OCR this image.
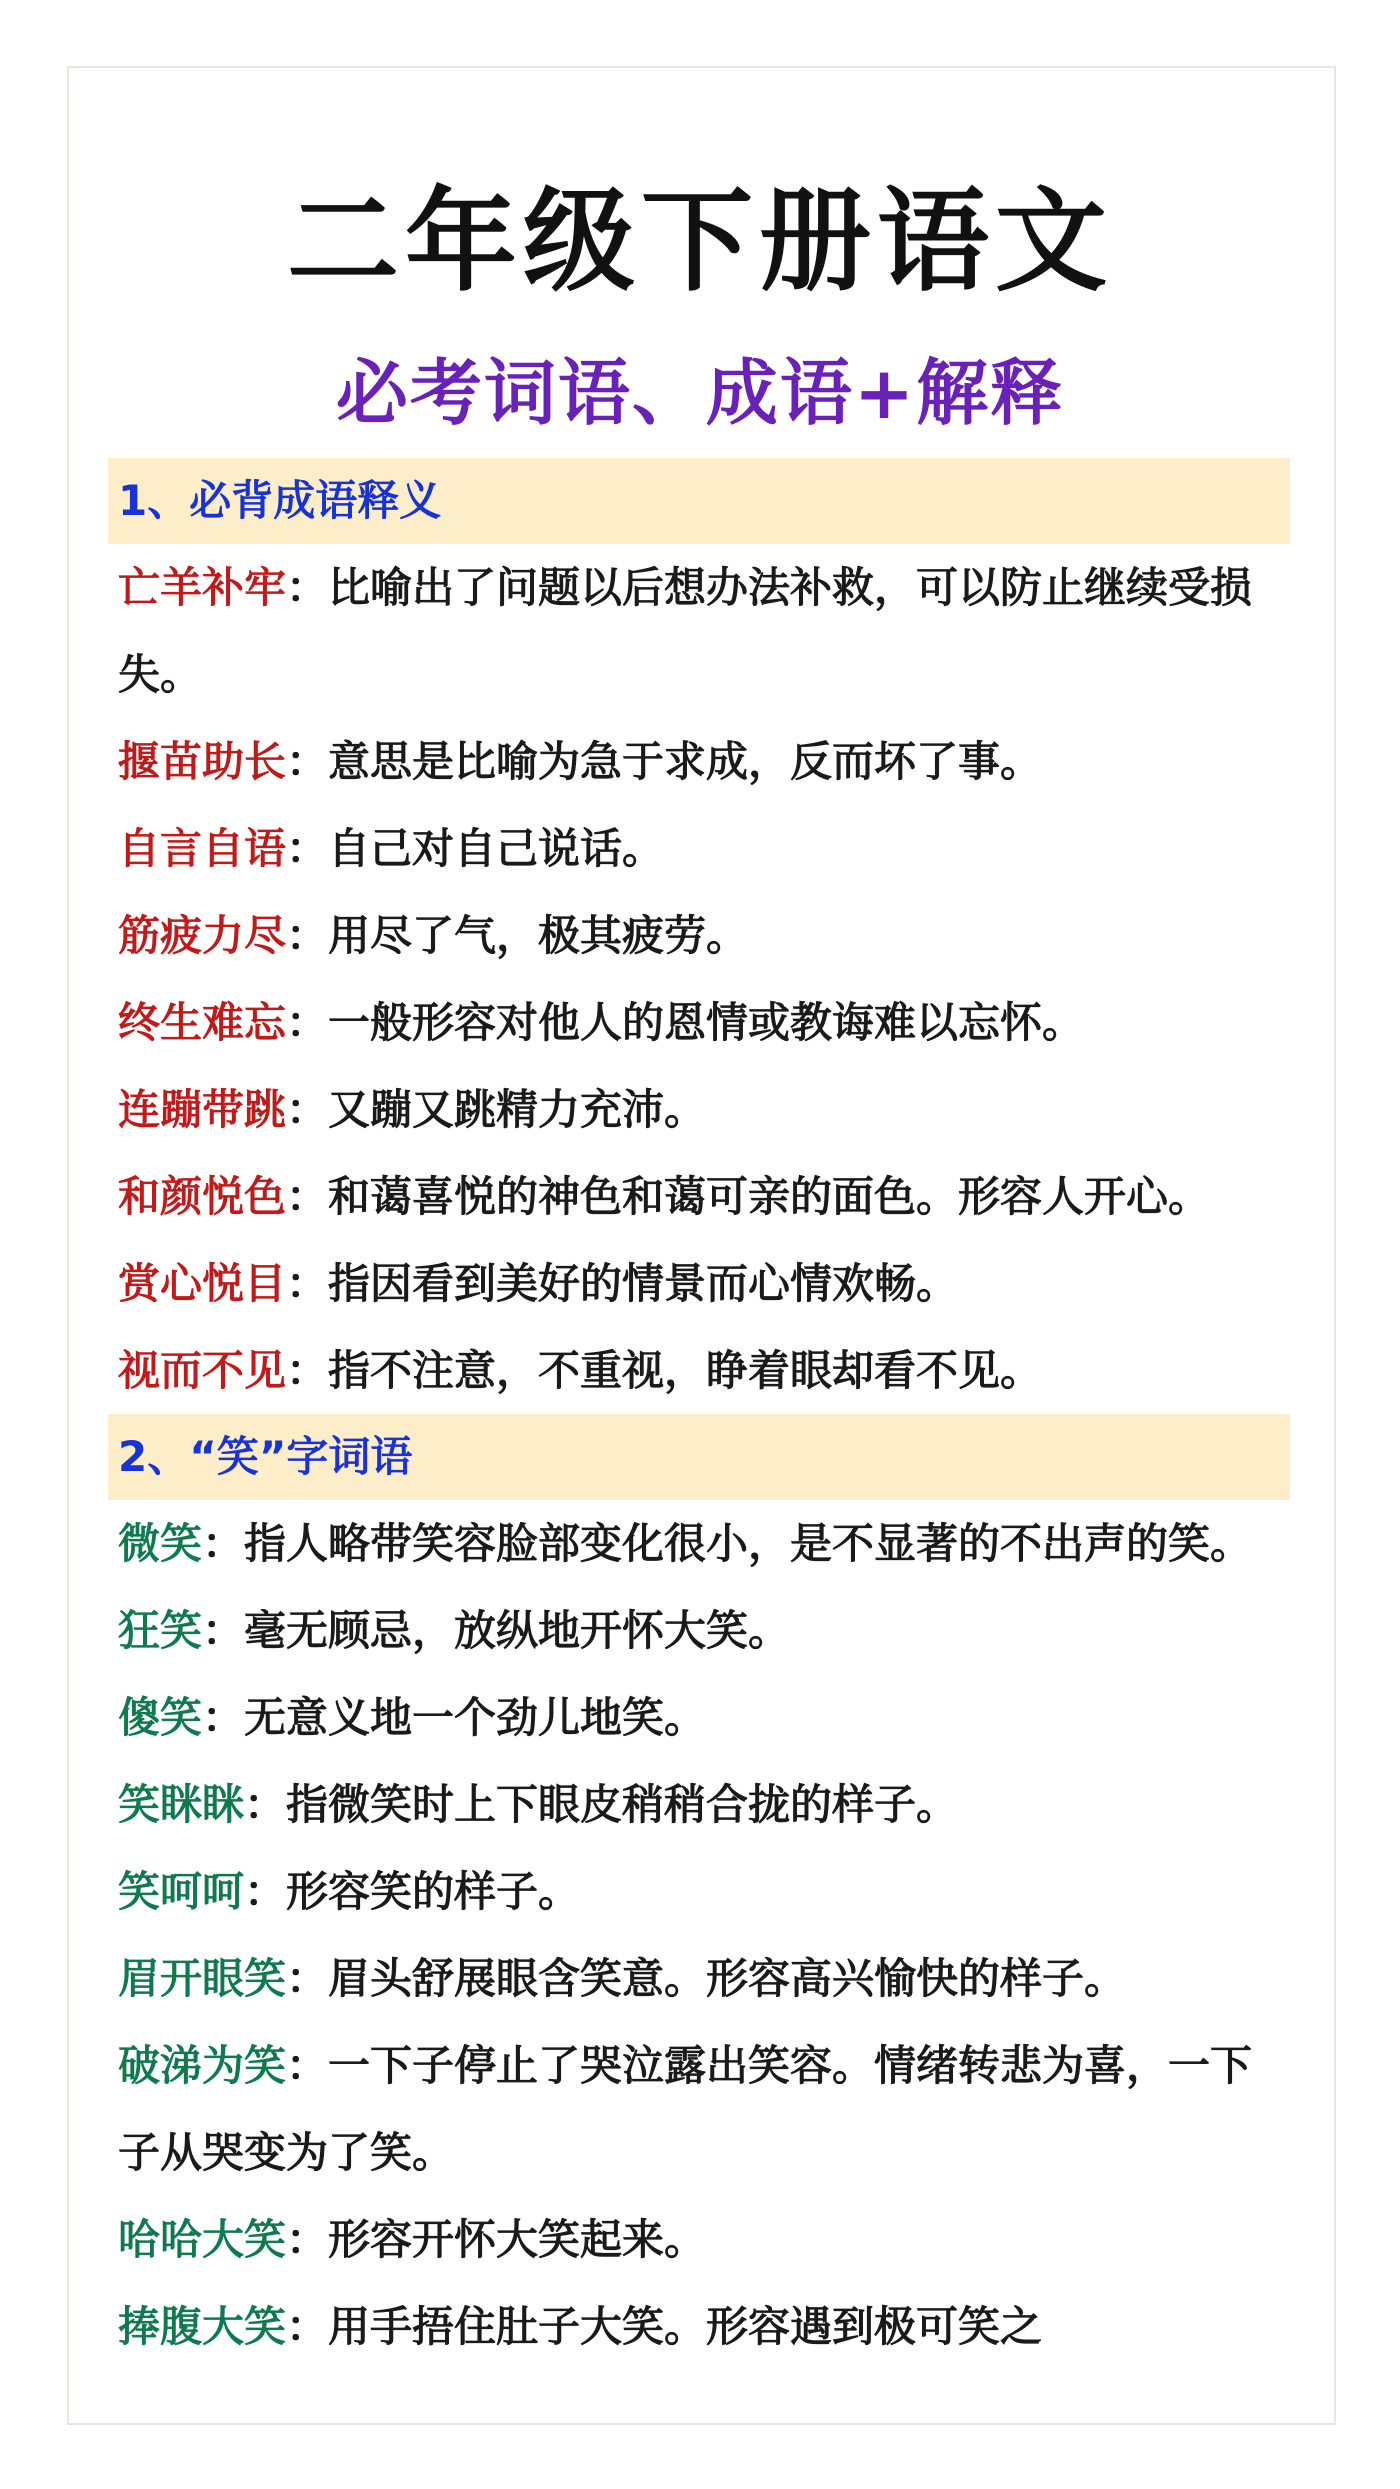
二年级下册语文
必考词语、成语+解释
1、必背成语释义
亡羊补牢：比喻出了问题以后想办法补救，可以防止继续受损
失。
揠苗助长：意思是比喻为急于求成，反而坏了事。
自言自语：自己对自己说话。
筋疲力尽：用尽了气，极其疲劳。
终生难忘：一般形容对他人的恩情或教诲难以忘怀。
连蹦带跳：又蹦又跳精力充沛。
和颜悦色：和蔼喜悦的神色和蔼可亲的面色。形容人开心。
赏心悦目：指因看到美好的情景而心情欢畅。
视而不见：指不注意，不重视，睁着眼却看不见。
2、“笑”字词语
微笑：指人略带笑容脸部变化很小，是不显著的不出声的笑。
狂笑：毫无顾忌，放纵地开怀大笑。
傻笑：无意义地一个劲儿地笑。
笑眯眯：指微笑时上下眼皮稍稍合拢的样子。
笑呵呵：形容笑的样子。
眉开眼笑：眉头舒展眼含笑意。形容高兴愉快的样子。
破涕为笑：一下子停止了哭泣露出笑容。情绪转悲为喜，一下
子从哭变为了笑。
哈哈大笑：形容开怀大笑起来。
捧腹大笑：用手捂住肚子大笑。形容遇到极可笑之
